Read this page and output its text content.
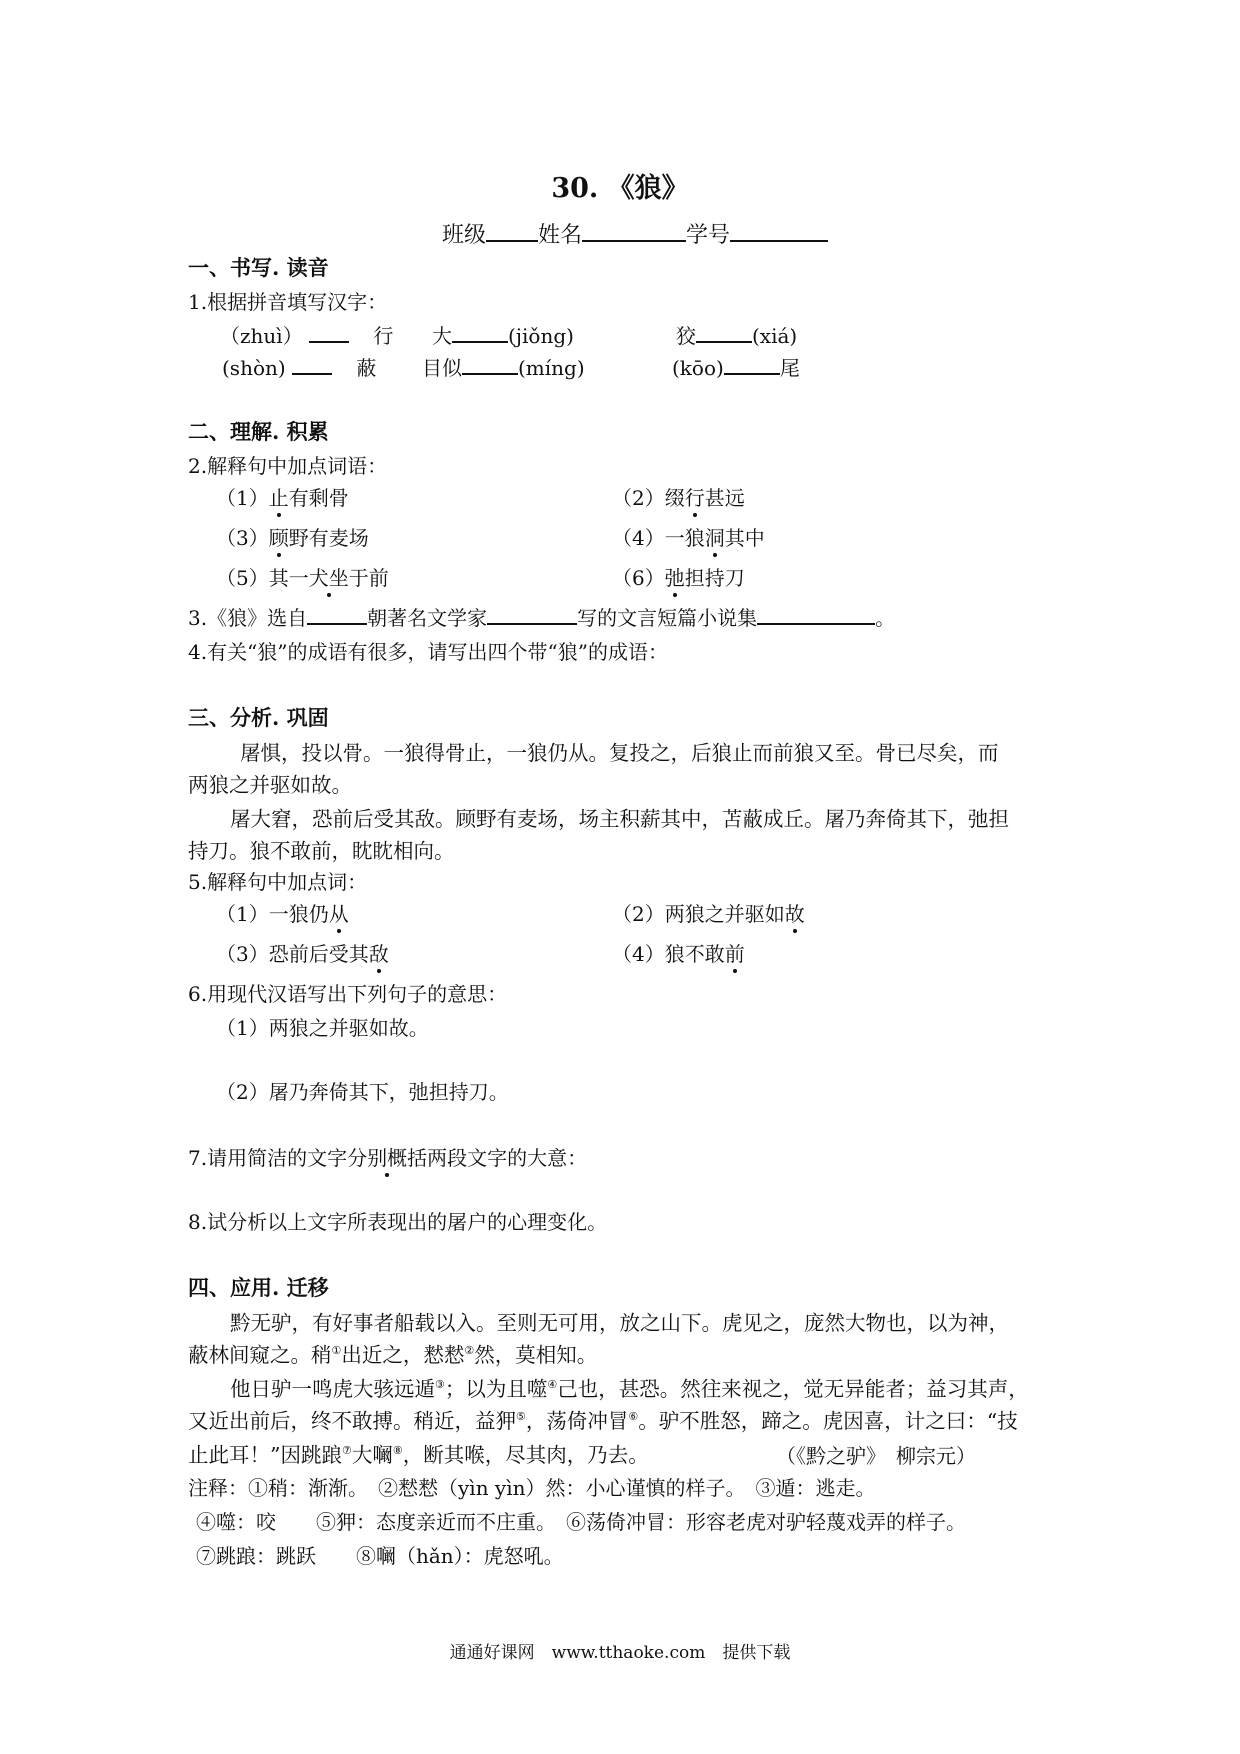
30. 《狼》
班级 姓名	学号
一、书写. 读音
1.根据拼音填写汉字：
（zhuì）	行 大	(jiǒng)	狡	(xiá)
(shòn)	蔽 目似	(míng)	(kōo)	尾
二、理解. 积累
2.解释句中加点词语：
（1）止有剩骨	（2）缀行甚远
（3）顾野有麦场	（4）一狼洞其中
（5）其一犬坐于前	（6）弛担持刀
3.《狼》选自	朝著名文学家	写的文言短篇小说集	。
4.有关“狼”的成语有很多，请写出四个带“狼”的成语：
三、分析. 巩固
屠惧，投以骨。一狼得骨止，一狼仍从。复投之，后狼止而前狼又至。骨已尽矣，而
两狼之并驱如故。
屠大窘，恐前后受其敌。顾野有麦场，场主积薪其中，苫蔽成丘。屠乃奔倚其下，弛担
持刀。狼不敢前，眈眈相向。
5.解释句中加点词：
（1）一狼仍从	（2）两狼之并驱如故
（3）恐前后受其敌	（4）狼不敢前
6.用现代汉语写出下列句子的意思：
（1）两狼之并驱如故。
（2）屠乃奔倚其下，弛担持刀。
7.请用简洁的文字分别概括两段文字的大意：
8.试分析以上文字所表现出的屠户的心理变化。
四、应用. 迁移
黔无驴，有好事者船载以入。至则无可用，放之山下。虎见之，庞然大物也，以为神，
蔽林间窥之。稍①出近之，慭慭②然，莫相知。
他日驴一鸣虎大骇远遁③；以为且噬④己也，甚恐。然往来视之，觉无异能者；益习其声，
又近出前后，终不敢搏。稍近，益狎⑤，荡倚冲冒⑥。驴不胜怒，蹄之。虎因喜，计之曰：“技
止此耳！”因跳踉⑦大㘎⑧，断其喉，尽其肉，乃去。	（《黔之驴》　柳宗元）
注释：①稍：渐渐。　②慭慭（yìn yìn）然：小心谨慎的样子。　③遁：逃走。
④噬：咬　　⑤狎：态度亲近而不庄重。　⑥荡倚冲冒：形容老虎对驴轻蔑戏弄的样子。
⑦跳踉：跳跃　　⑧㘎（hǎn）：虎怒吼。
通通好课网　www.tthaoke.com　提供下载
